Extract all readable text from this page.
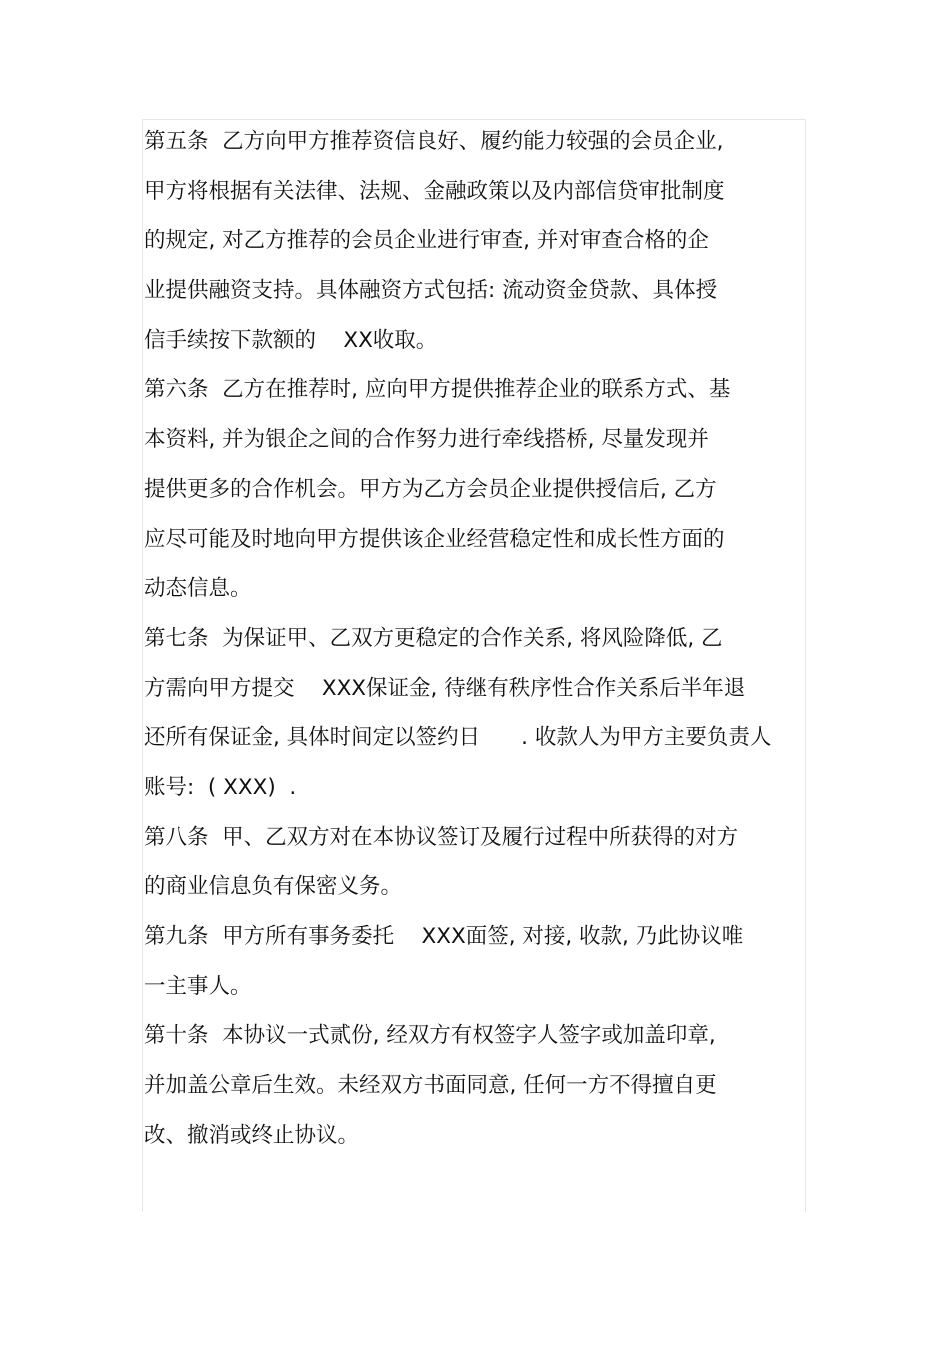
第五条  乙方向甲方推荐资信良好、履约能力较强的会员企业,
甲方将根据有关法律、法规、金融政策以及内部信贷审批制度
的规定, 对乙方推荐的会员企业进行审查, 并对审查合格的企
业提供融资支持。具体融资方式包括: 流动资金贷款、具体授
信手续按下款额的    XX收取。
第六条  乙方在推荐时, 应向甲方提供推荐企业的联系方式、基
本资料, 并为银企之间的合作努力进行牵线搭桥, 尽量发现并
提供更多的合作机会。甲方为乙方会员企业提供授信后, 乙方
应尽可能及时地向甲方提供该企业经营稳定性和成长性方面的
动态信息。
第七条  为保证甲、乙双方更稳定的合作关系, 将风险降低, 乙
方需向甲方提交    XXX保证金, 待继有秩序性合作关系后半年退
还所有保证金, 具体时间定以签约日      . 收款人为甲方主要负责人
账号:  ( XXX)  .
第八条  甲、乙双方对在本协议签订及履行过程中所获得的对方
的商业信息负有保密义务。
第九条  甲方所有事务委托    XXX面签, 对接, 收款, 乃此协议唯
一主事人。
第十条  本协议一式贰份, 经双方有权签字人签字或加盖印章,
并加盖公章后生效。未经双方书面同意, 任何一方不得擅自更
改、撤消或终止协议。
